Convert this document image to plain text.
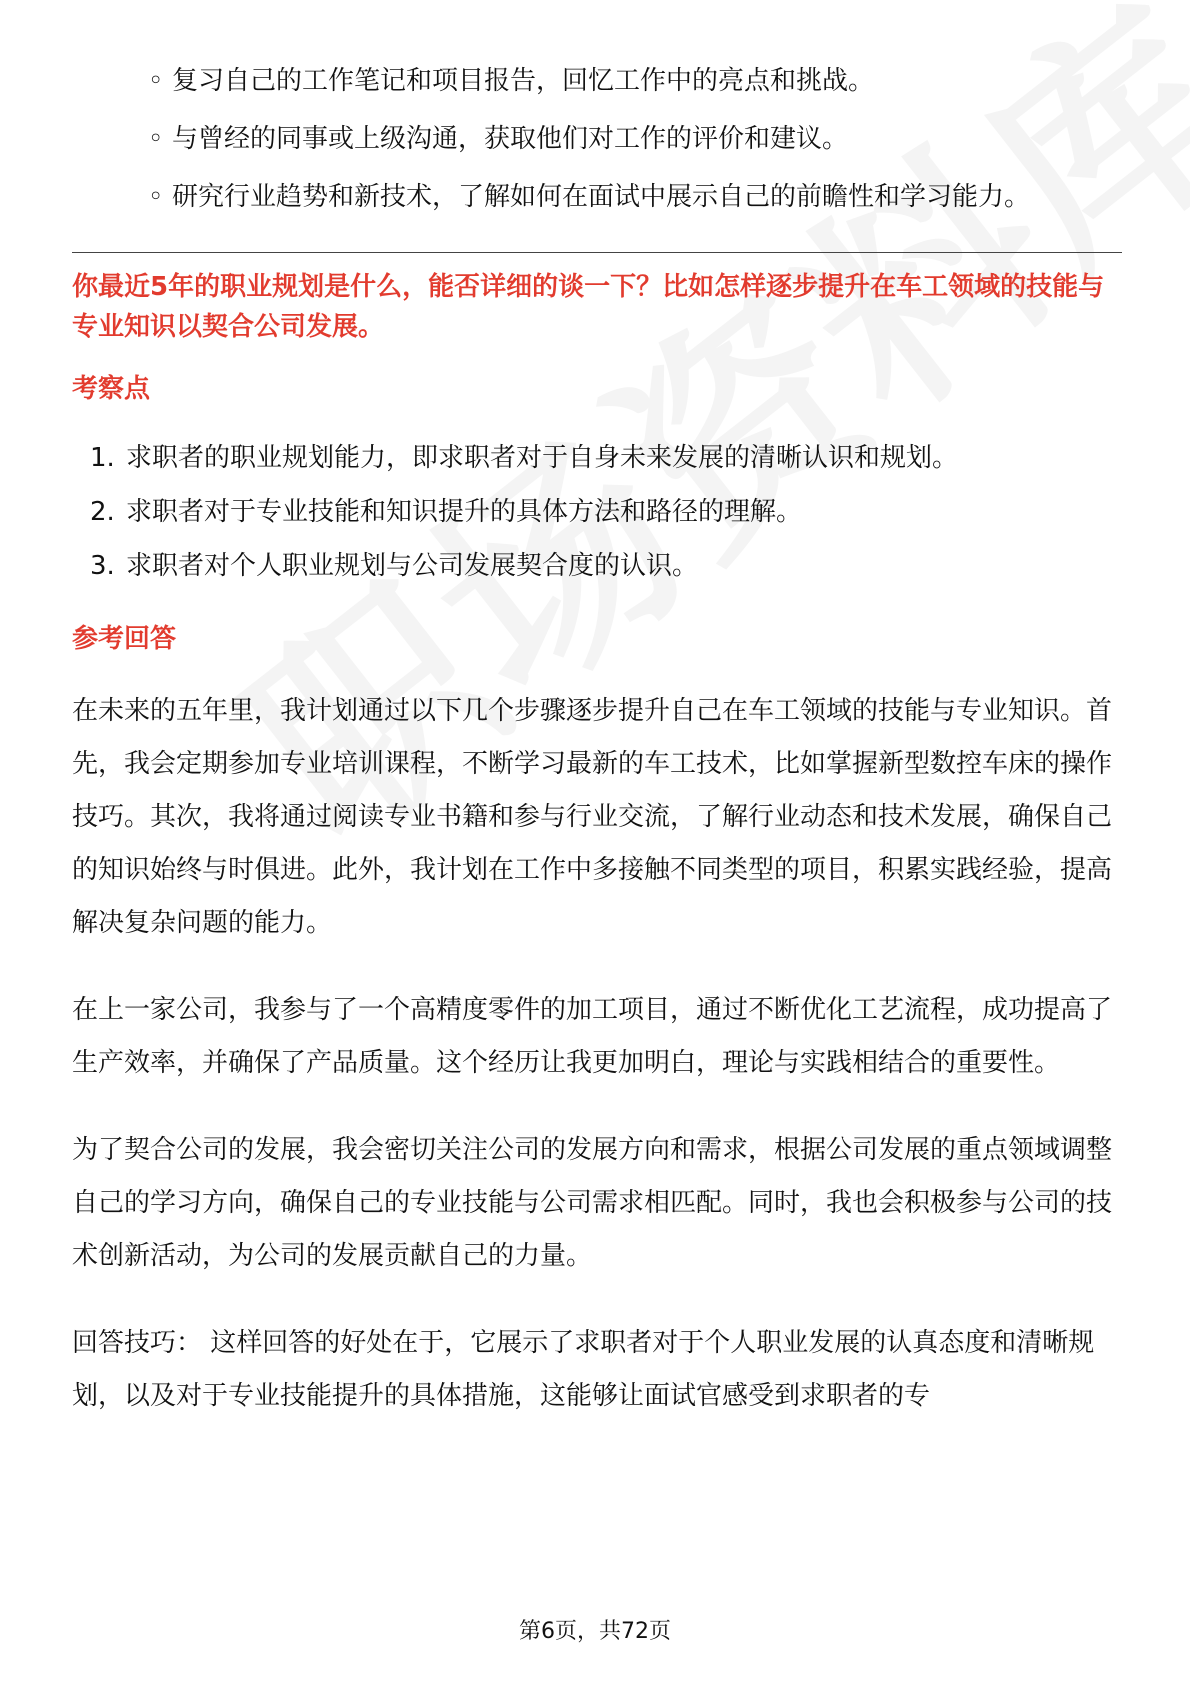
◦ 复习自己的工作笔记和项目报告，回忆工作中的亮点和挑战。
◦ 与曾经的同事或上级沟通，获取他们对工作的评价和建议。
◦ 研究行业趋势和新技术，了解如何在面试中展示自己的前瞻性和学习能力。
你最近5年的职业规划是什么，能否详细的谈一下？比如怎样逐步提升在车工领域的技能与专业知识以契合公司发展。
考察点
1. 求职者的职业规划能力，即求职者对于自身未来发展的清晰认识和规划。
2. 求职者对于专业技能和知识提升的具体方法和路径的理解。
3. 求职者对个人职业规划与公司发展契合度的认识。
参考回答

在未来的五年里，我计划通过以下几个步骤逐步提升自己在车工领域的技能与专业知识。首先，我会定期参加专业培训课程，不断学习最新的车工技术，比如掌握新型数控车床的操作技巧。其次，我将通过阅读专业书籍和参与行业交流，了解行业动态和技术发展，确保自己的知识始终与时俱进。此外，我计划在工作中多接触不同类型的项目，积累实践经验，提高解决复杂问题的能力。

在上一家公司，我参与了一个高精度零件的加工项目，通过不断优化工艺流程，成功提高了生产效率，并确保了产品质量。这个经历让我更加明白，理论与实践相结合的重要性。

为了契合公司的发展，我会密切关注公司的发展方向和需求，根据公司发展的重点领域调整自己的学习方向，确保自己的专业技能与公司需求相匹配。同时，我也会积极参与公司的技术创新活动，为公司的发展贡献自己的力量。

回答技巧： 这样回答的好处在于，它展示了求职者对于个人职业发展的认真态度和清晰规划，以及对于专业技能提升的具体措施，这能够让面试官感受到求职者的专

第6页，共72页
